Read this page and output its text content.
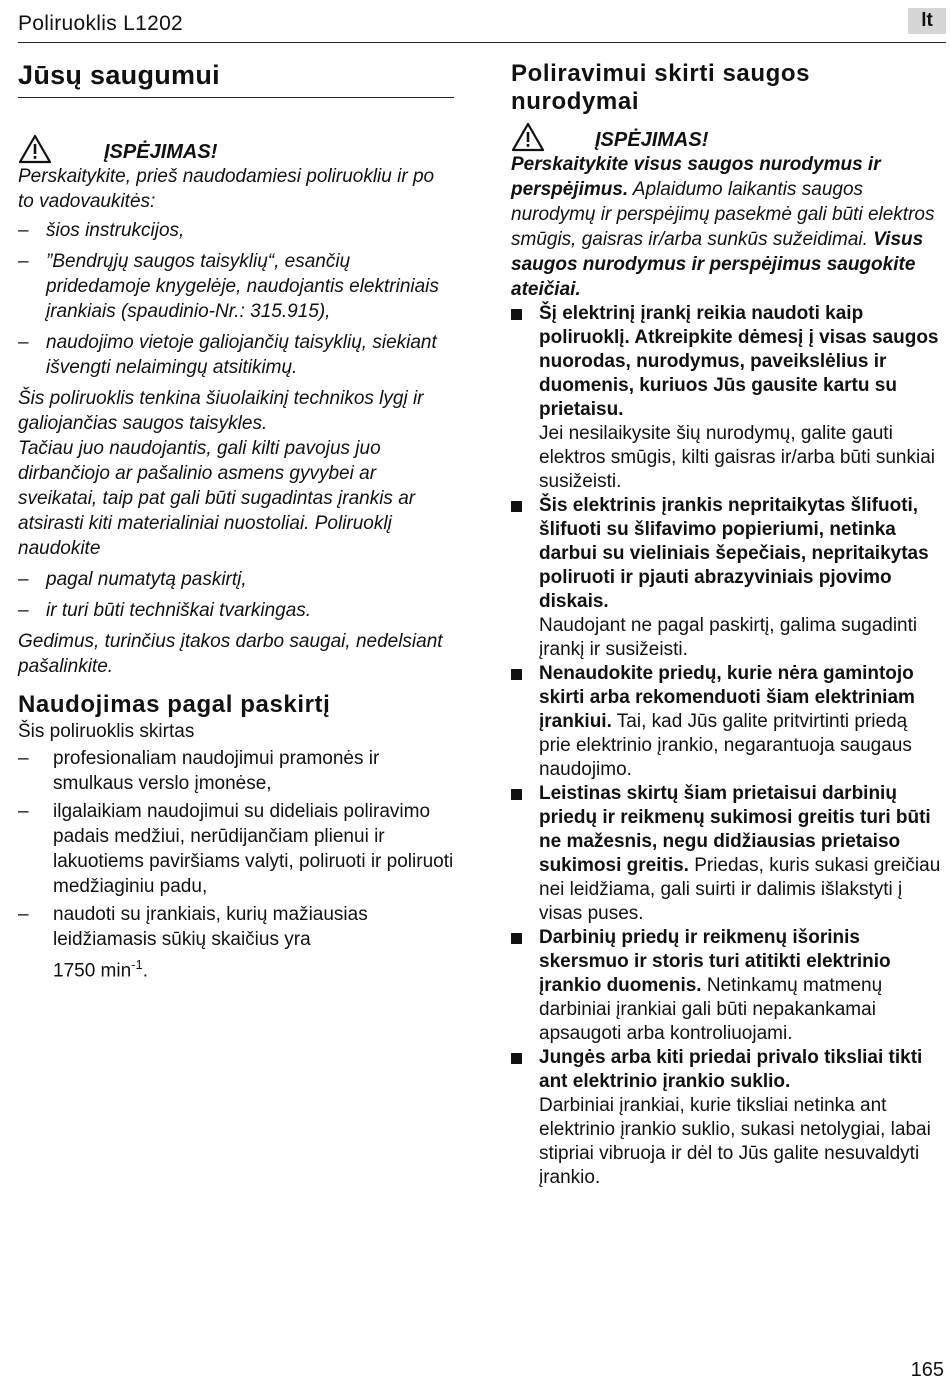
Poliruoklis L1202	lt
Jūsų saugumui
ĮSPĖJIMAS!
Perskaitykite, prieš naudodamiesi poliruokliu ir po to vadovaukitės:
– šios instrukcijos,
– ”Bendrųjų saugos taisyklių“, esančių pridedamoje knygelėje, naudojantis elektriniais įrankiais (spaudinio-Nr.: 315.915),
– naudojimo vietoje galiojančių taisyklių, siekiant išvengti nelaimingų atsitikimų.
Šis poliruoklis tenkina šiuolaikinį technikos lygį ir galiojančias saugos taisykles.
Tačiau juo naudojantis, gali kilti pavojus juo dirbančiojo ar pašalinio asmens gyvybei ar sveikatai, taip pat gali būti sugadintas įrankis ar atsirasti kiti materialiniai nuostoliai. Poliruoklį naudokite
– pagal numatytą paskirtį,
– ir turi būti techniškai tvarkingas.
Gedimus, turinčius įtakos darbo saugai, nedelsiant pašalinkite.
Naudojimas pagal paskirtį
Šis poliruoklis skirtas
–	profesionaliam naudojimui pramonės ir smulkaus verslo įmonėse,
–	ilgalaikiam naudojimui su dideliais poliravimo padais medžiui, nerūdijančiam plienui ir lakuotiems paviršiams valyti, poliruoti ir poliruoti medžiaginiu padu,
–	naudoti su įrankiais, kurių mažiausias leidžiamasis sūkių skaičius yra
1750 $\min^{-1}$.
Poliravimui skirti saugos nurodymai
ĮSPĖJIMAS!
Perskaitykite visus saugos nurodymus ir perspėjimus. Aplaidumo laikantis saugos nurodymų ir perspėjimų pasekmė gali būti elektros smūgis, gaisras ir/arba sunkūs sužeidimai. Visus saugos nurodymus ir perspėjimus saugokite ateičiai.
Šį elektrinį įrankį reikia naudoti kaip poliruoklį. Atkreipkite dėmesį į visas saugos nuorodas, nurodymus, paveikslėlius ir duomenis, kuriuos Jūs gausite kartu su prietaisu.
Jei nesilaikysite šių nurodymų, galite gauti elektros smūgis, kilti gaisras ir/arba būti sunkiai susižeisti.
Šis elektrinis įrankis nepritaikytas šlifuoti, šlifuoti su šlifavimo popieriumi, netinka darbui su vieliniais šepečiais, nepritaikytas poliruoti ir pjauti abrazyviniais pjovimo diskais.
Naudojant ne pagal paskirtį, galima sugadinti įrankį ir susižeisti.
Nenaudokite priedų, kurie nėra gamintojo skirti arba rekomenduoti šiam elektriniam įrankiui. Tai, kad Jūs galite pritvirtinti priedą prie elektrinio įrankio, negarantuoja saugaus naudojimo.
Leistinas skirtų šiam prietaisui darbinių priedų ir reikmenų sukimosi greitis turi būti ne mažesnis, negu didžiausias prietaiso sukimosi greitis. Priedas, kuris sukasi greičiau nei leidžiama, gali suirti ir dalimis išlakstyti į visas puses.
Darbinių priedų ir reikmenų išorinis skersmuo ir storis turi atitikti elektrinio įrankio duomenis. Netinkamų matmenų darbiniai įrankiai gali būti nepakankamai apsaugoti arba kontroliuojami.
Jungės arba kiti priedai privalo tiksliai tikti ant elektrinio įrankio suklio.
Darbiniai įrankiai, kurie tiksliai netinka ant elektrinio įrankio suklio, sukasi netolygiai, labai stipriai vibruoja ir dėl to Jūs galite nesuvaldyti įrankio.
165
